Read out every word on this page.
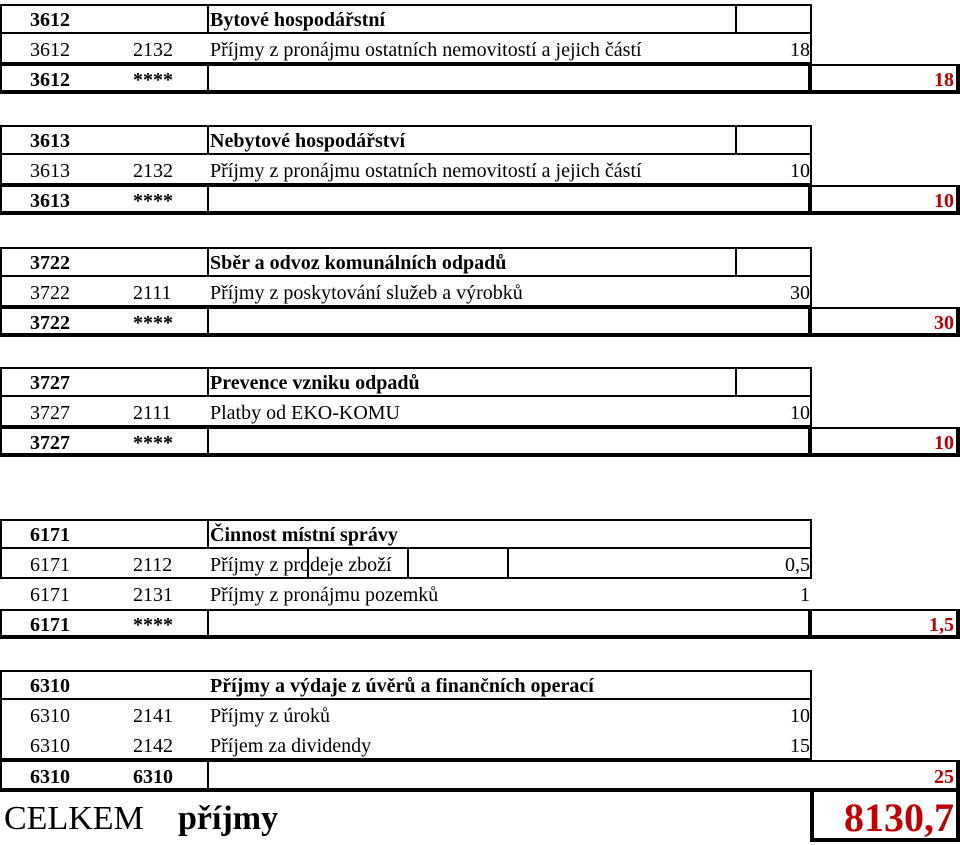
3612	Bytové hospodářstní
3612	2132 Příjmy z pronájmu ostatních nemovitostí a jejich částí	18
3612	****	18
3613	Nebytové hospodářství
3613	2132 Příjmy z pronájmu ostatních nemovitostí a jejich částí	10
3613	****	10
3722	Sběr a odvoz komunálních odpadů
3722	2111 Příjmy z poskytování služeb a výrobků	30
3722	****	30
3727	Prevence vzniku odpadů
3727	2111 Platby od EKO-KOMU	10
3727	****	10
6171	Činnost místní správy
6171	2112 Příjmy z prodeje zboží	0,5
6171	2131 Příjmy z pronájmu pozemků	1
6171	****	1,5
6310	Příjmy a výdaje z úvěrů a finančních operací
6310	2141 Příjmy z úroků	10
6310	2142 Příjem za dividendy	15
6310	6310	25
CELKEM příjmy	8130,7
